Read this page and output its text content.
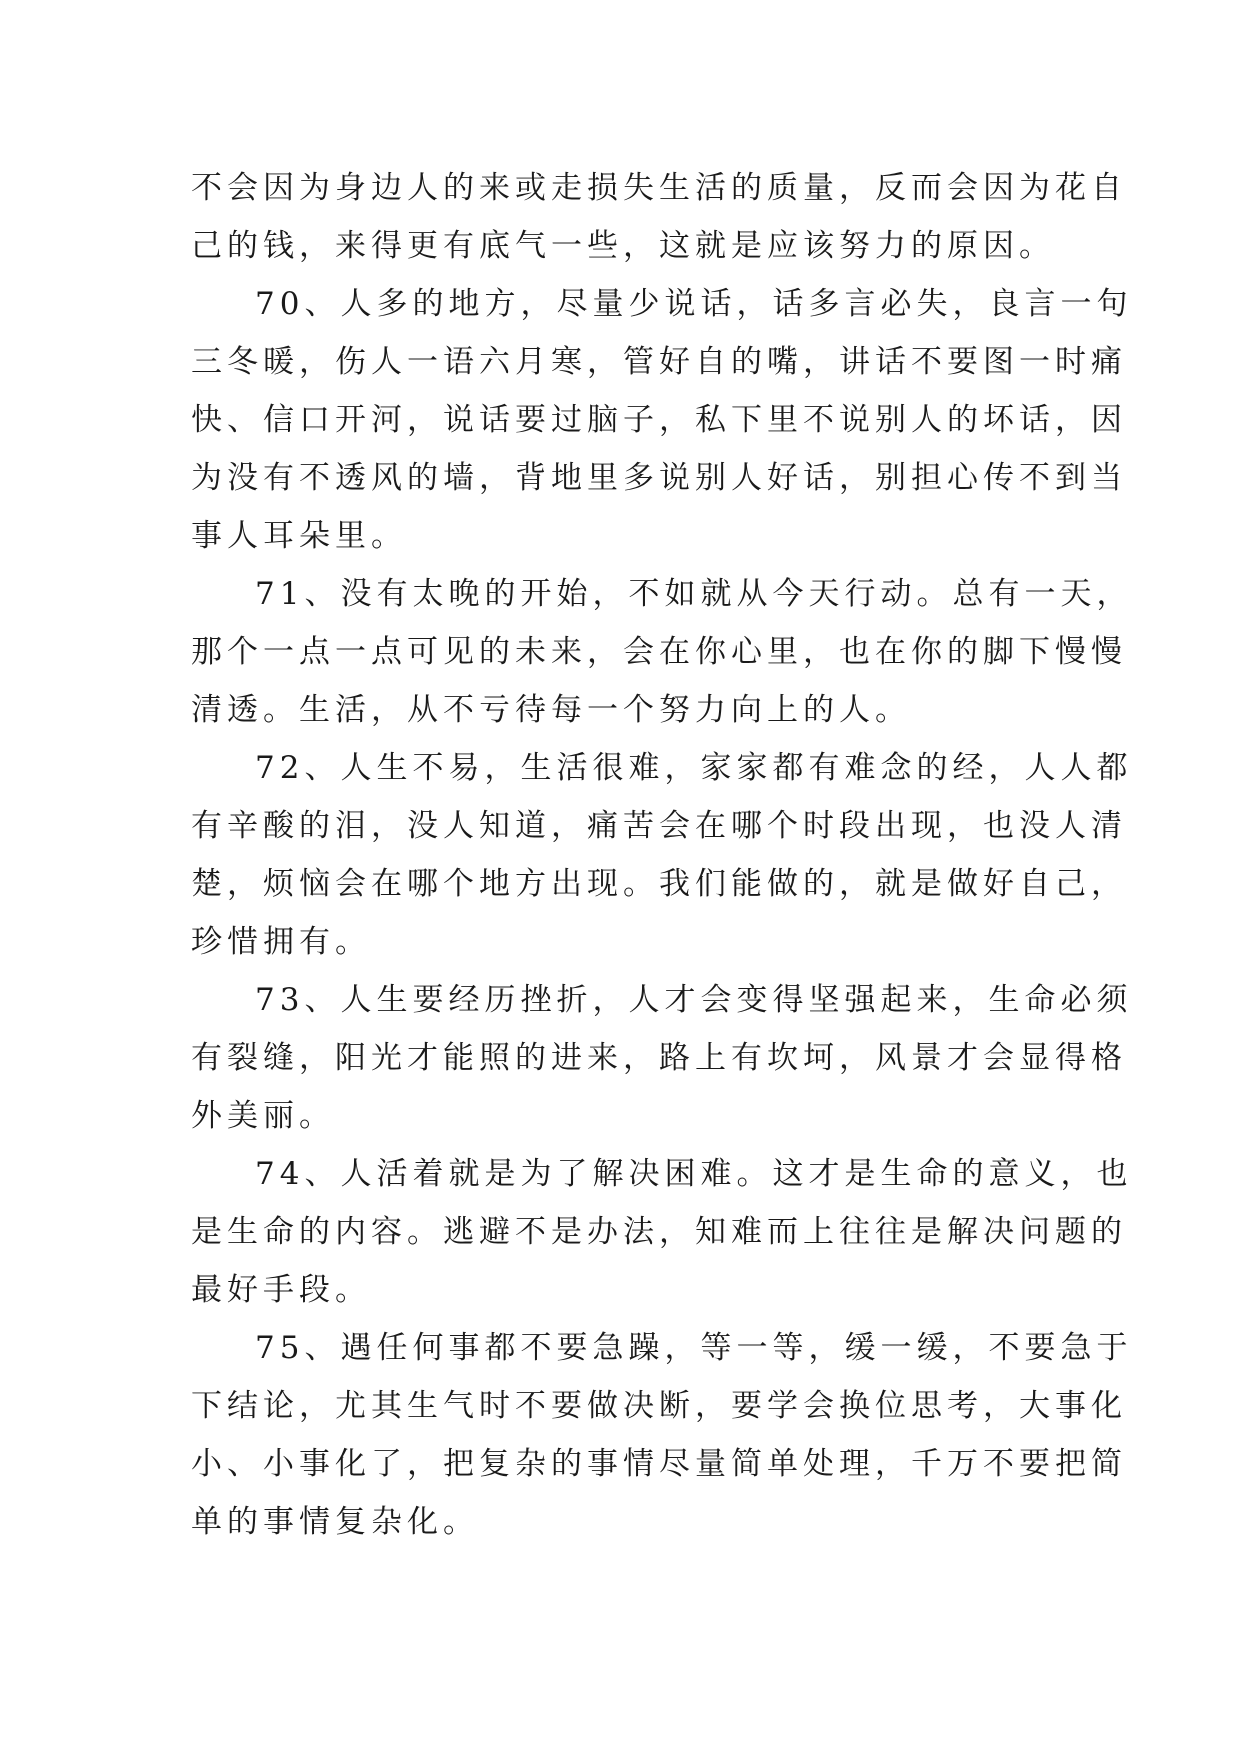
不会因为身边人的来或走损失生活的质量，反而会因为花自
己的钱，来得更有底气一些，这就是应该努力的原因。
70、人多的地方，尽量少说话，话多言必失，良言一句
三冬暖，伤人一语六月寒，管好自的嘴，讲话不要图一时痛
快、信口开河，说话要过脑子，私下里不说别人的坏话，因
为没有不透风的墙，背地里多说别人好话，别担心传不到当
事人耳朵里。
71、没有太晚的开始，不如就从今天行动。总有一天，
那个一点一点可见的未来，会在你心里，也在你的脚下慢慢
清透。生活，从不亏待每一个努力向上的人。
72、人生不易，生活很难，家家都有难念的经，人人都
有辛酸的泪，没人知道，痛苦会在哪个时段出现，也没人清
楚，烦恼会在哪个地方出现。我们能做的，就是做好自己，
珍惜拥有。
73、人生要经历挫折，人才会变得坚强起来，生命必须
有裂缝，阳光才能照的进来，路上有坎坷，风景才会显得格
外美丽。
74、人活着就是为了解决困难。这才是生命的意义，也
是生命的内容。逃避不是办法，知难而上往往是解决问题的
最好手段。
75、遇任何事都不要急躁，等一等，缓一缓，不要急于
下结论，尤其生气时不要做决断，要学会换位思考，大事化
小、小事化了，把复杂的事情尽量简单处理，千万不要把简
单的事情复杂化。
